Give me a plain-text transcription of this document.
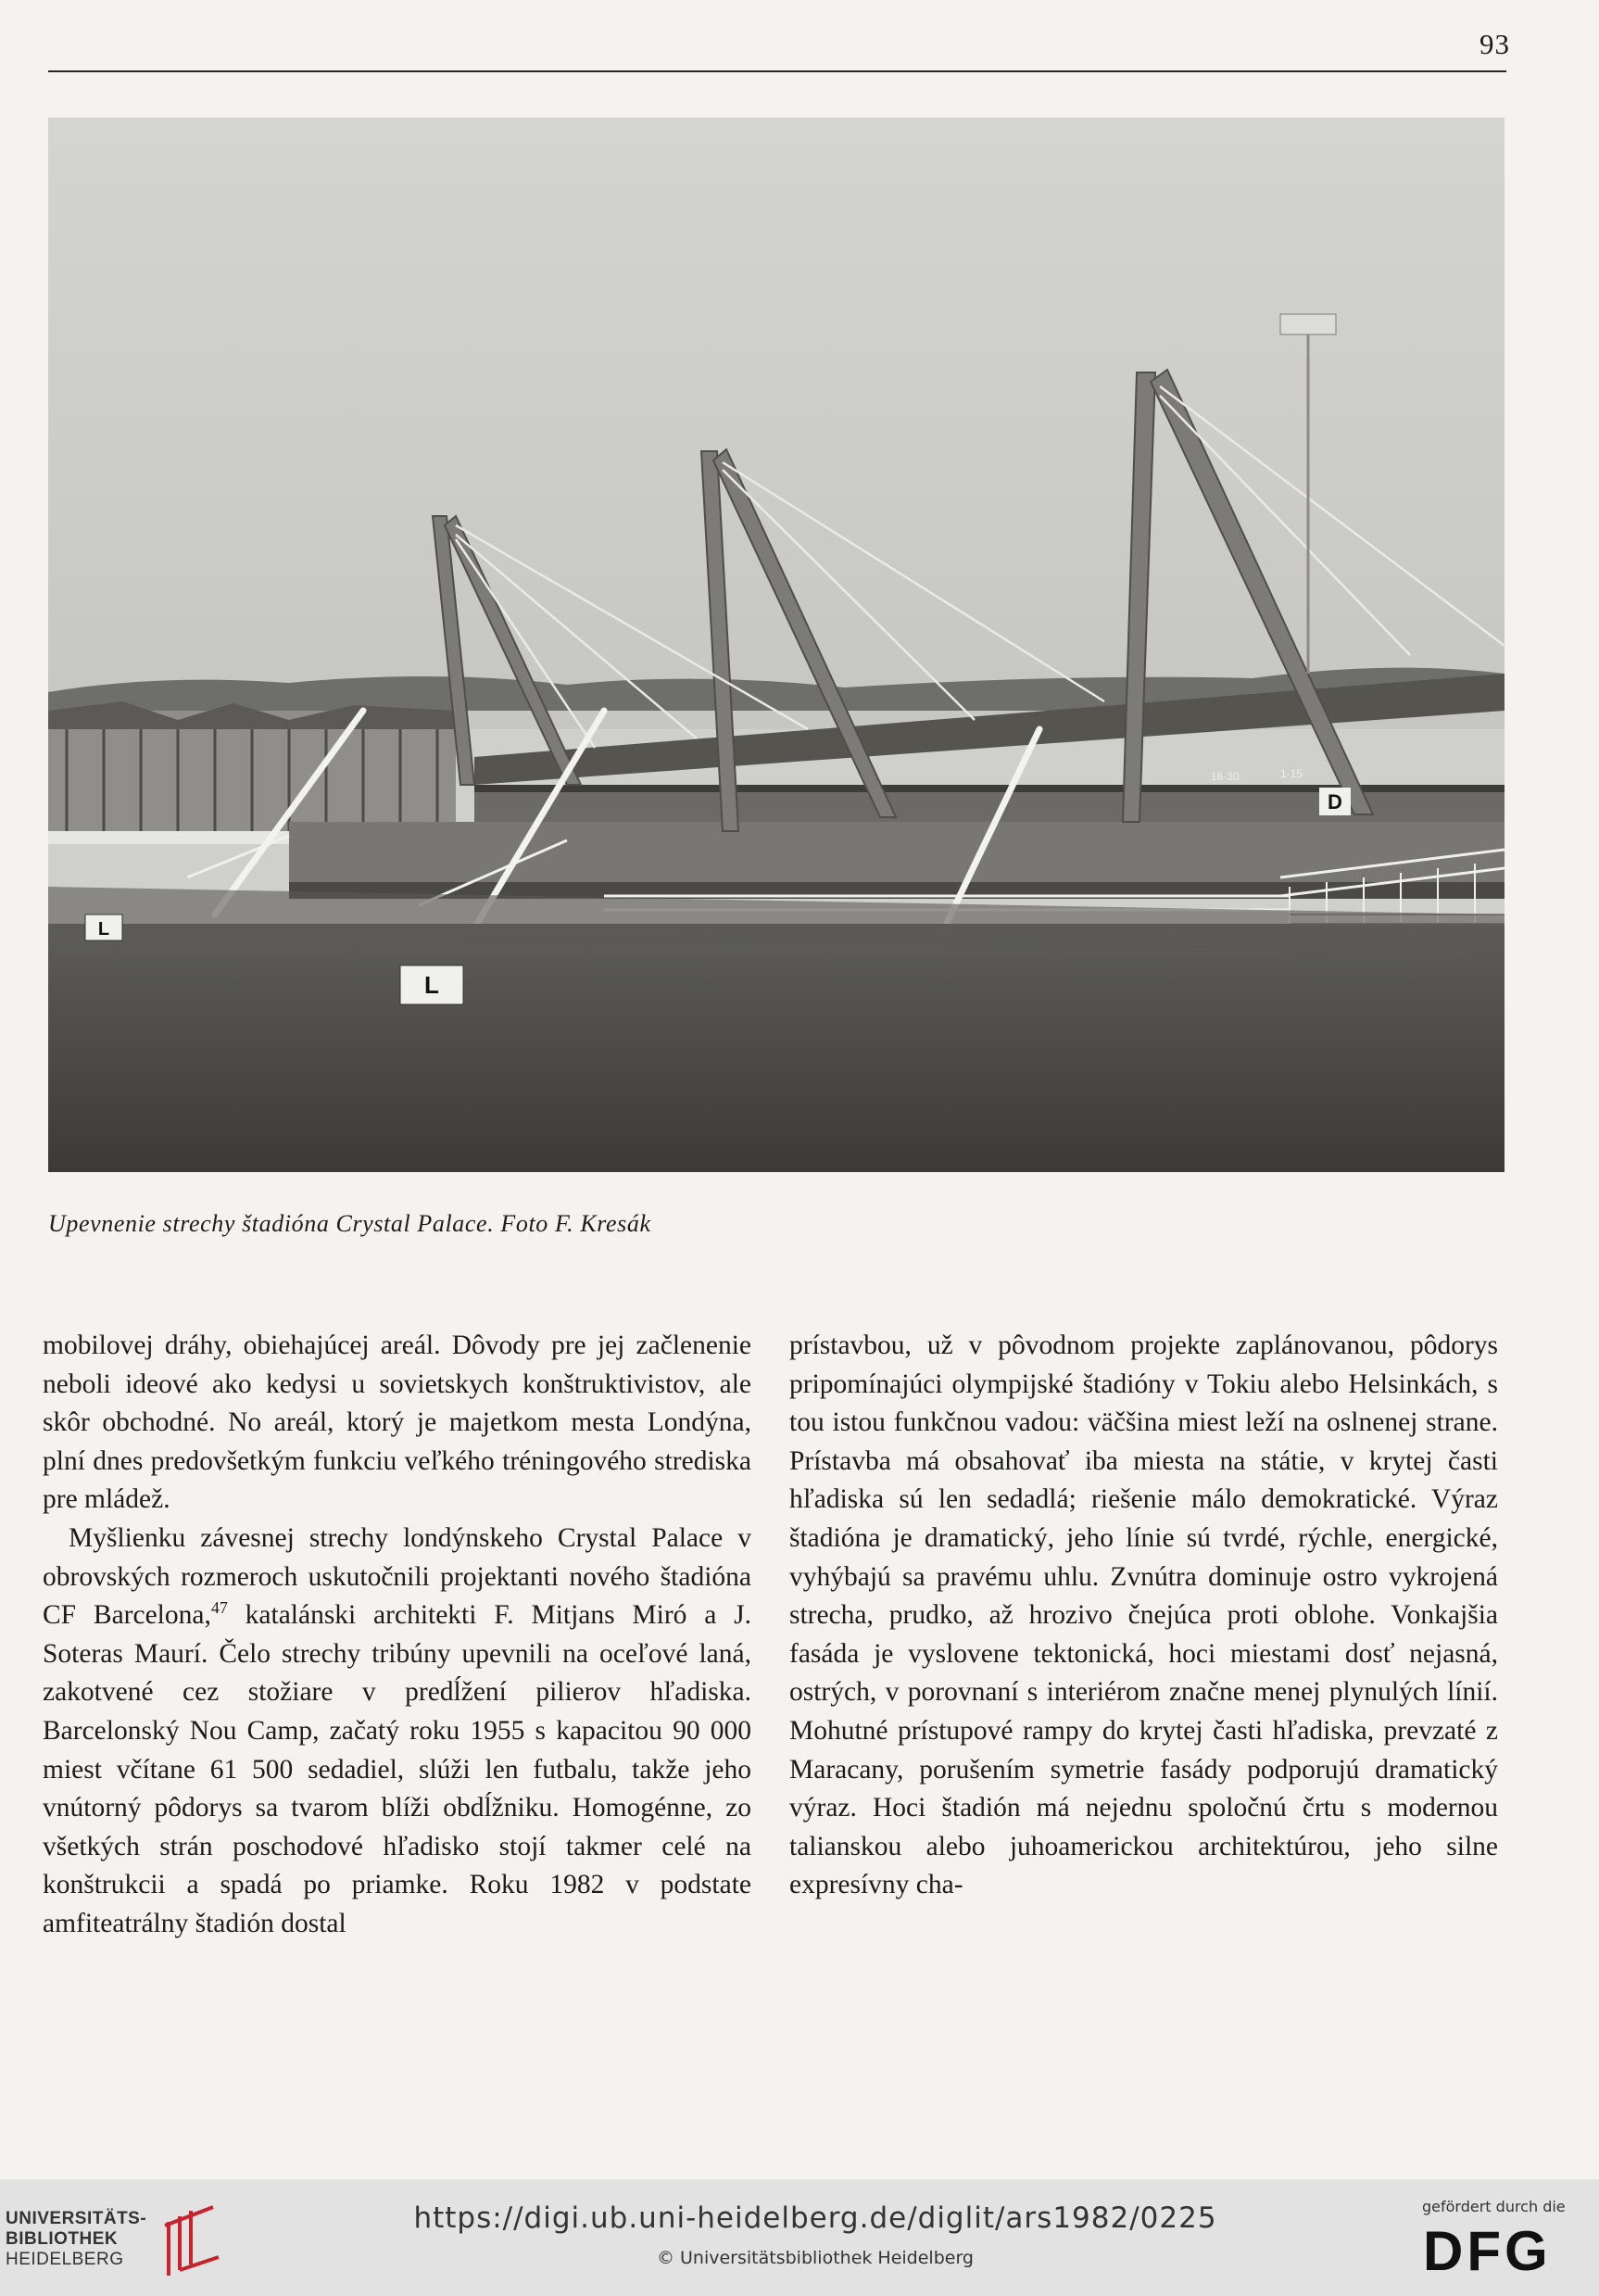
93
L
L
D
16·30	1·15
Upevnenie strechy štadióna Crystal Palace. Foto F. Kresák

mobilovej dráhy, obiehajúcej areál. Dôvody pre jej začlenenie neboli ideové ako kedysi u sovietskych konštruktivistov, ale skôr obchodné. No areál, ktorý je majetkom mesta Londýna, plní dnes predovšetkým funkciu veľkého tréningového strediska pre mládež.

Myšlienku závesnej strechy londýnskeho Crystal Palace v obrovských rozmeroch uskutočnili projektanti nového štadióna CF Barcelona,$^{47}$ katalánski architekti F. Mitjans Miró a J. Soteras Maurí. Čelo strechy tribúny upevnili na oceľové laná, zakotvené cez stožiare v predĺžení pilierov hľadiska. Barcelonský Nou Camp, začatý roku 1955 s kapacitou 90 000 miest včítane 61 500 sedadiel, slúži len futbalu, takže jeho vnútorný pôdorys sa tvarom blíži obdĺžniku. Homogénne, zo všetkých strán poschodové hľadisko stojí takmer celé na konštrukcii a spadá po priamke. Roku 1982 v podstate amfiteatrálny štadión dostal

prístavbou, už v pôvodnom projekte zaplánovanou, pôdorys pripomínajúci olympijské štadióny v Tokiu alebo Helsinkách, s tou istou funkčnou vadou: väčšina miest leží na oslnenej strane. Prístavba má obsahovať iba miesta na státie, v krytej časti hľadiska sú len sedadlá; riešenie málo demokratické. Výraz štadióna je dramatický, jeho línie sú tvrdé, rýchle, energické, vyhýbajú sa pravému uhlu. Zvnútra dominuje ostro vykrojená strecha, prudko, až hrozivo čnejúca proti oblohe. Vonkajšia fasáda je vyslovene tektonická, hoci miestami dosť nejasná, ostrých, v porovnaní s interiérom značne menej plynulých línií. Mohutné prístupové rampy do krytej časti hľadiska, prevzaté z Maracany, porušením symetrie fasády podporujú dramatický výraz. Hoci štadión má nejednu spoločnú črtu s modernou talianskou alebo juhoamerickou architektúrou, jeho silne expresívny cha-

UNIVERSITÄTS-
BIBLIOTHEK
HEIDELBERG
https://digi.ub.uni-heidelberg.de/diglit/ars1982/0225
© Universitätsbibliothek Heidelberg
gefördert durch die
DFG
